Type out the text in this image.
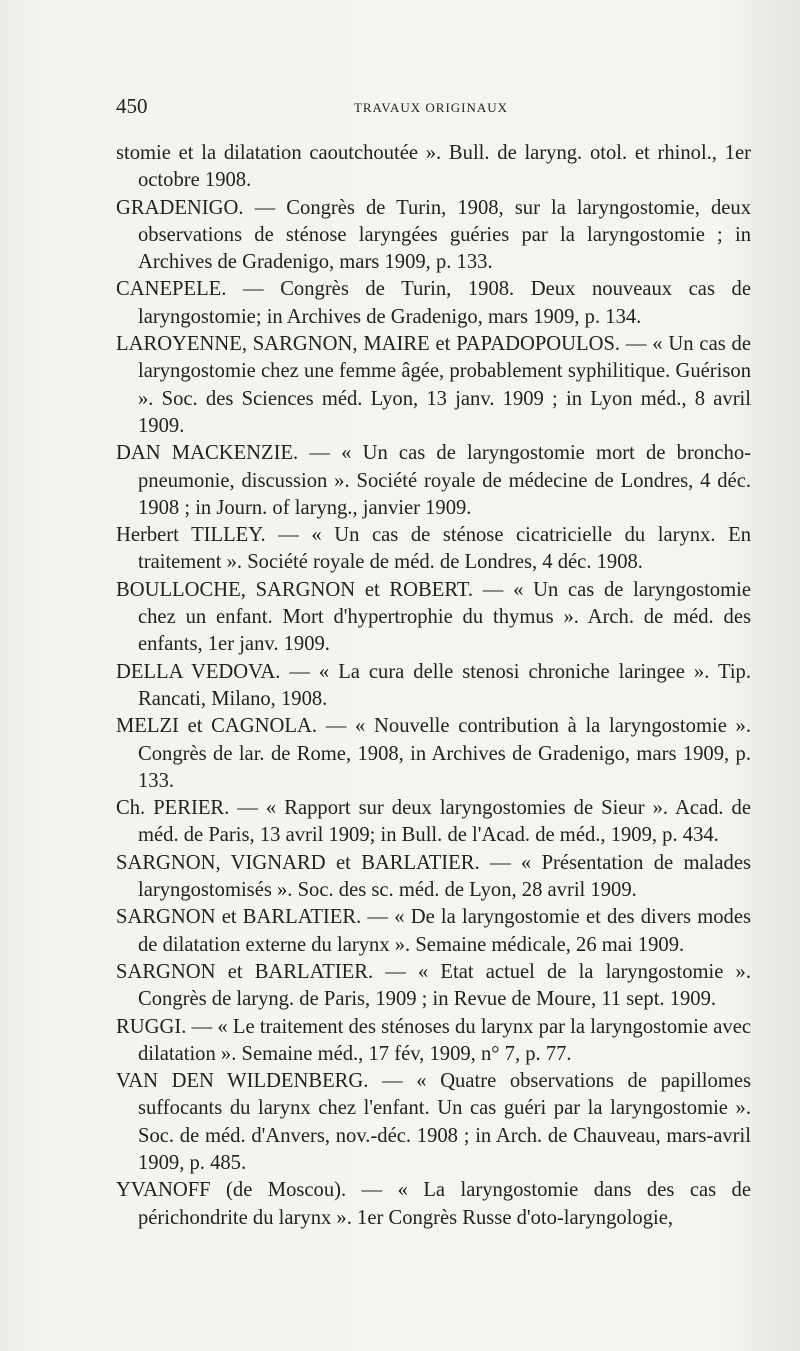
450	TRAVAUX ORIGINAUX

stomie et la dilatation caoutchoutée ». Bull. de laryng. otol. et rhinol., 1er octobre 1908.

GRADENIGO. — Congrès de Turin, 1908, sur la laryngostomie, deux observations de sténose laryngées guéries par la laryngostomie ; in Archives de Gradenigo, mars 1909, p. 133.

CANEPELE. — Congrès de Turin, 1908. Deux nouveaux cas de laryngostomie; in Archives de Gradenigo, mars 1909, p. 134.

LAROYENNE, SARGNON, MAIRE et PAPADOPOULOS. — « Un cas de laryngostomie chez une femme âgée, probablement syphilitique. Guérison ». Soc. des Sciences méd. Lyon, 13 janv. 1909 ; in Lyon méd., 8 avril 1909.

DAN MACKENZIE. — « Un cas de laryngostomie mort de broncho-pneumonie, discussion ». Société royale de médecine de Londres, 4 déc. 1908 ; in Journ. of laryng., janvier 1909.

Herbert TILLEY. — « Un cas de sténose cicatricielle du larynx. En traitement ». Société royale de méd. de Londres, 4 déc. 1908.

BOULLOCHE, SARGNON et ROBERT. — « Un cas de laryngostomie chez un enfant. Mort d'hypertrophie du thymus ». Arch. de méd. des enfants, 1er janv. 1909.

DELLA VEDOVA. — « La cura delle stenosi chroniche laringee ». Tip. Rancati, Milano, 1908.

MELZI et CAGNOLA. — « Nouvelle contribution à la laryngostomie ». Congrès de lar. de Rome, 1908, in Archives de Gradenigo, mars 1909, p. 133.

Ch. PERIER. — « Rapport sur deux laryngostomies de Sieur ». Acad. de méd. de Paris, 13 avril 1909; in Bull. de l'Acad. de méd., 1909, p. 434.

SARGNON, VIGNARD et BARLATIER. — « Présentation de malades laryngostomisés ». Soc. des sc. méd. de Lyon, 28 avril 1909.

SARGNON et BARLATIER. — « De la laryngostomie et des divers modes de dilatation externe du larynx ». Semaine médicale, 26 mai 1909.

SARGNON et BARLATIER. — « Etat actuel de la laryngostomie ». Congrès de laryng. de Paris, 1909 ; in Revue de Moure, 11 sept. 1909.

RUGGI. — « Le traitement des sténoses du larynx par la laryngostomie avec dilatation ». Semaine méd., 17 fév, 1909, n° 7, p. 77.

VAN DEN WILDENBERG. — « Quatre observations de papillomes suffocants du larynx chez l'enfant. Un cas guéri par la laryngostomie ». Soc. de méd. d'Anvers, nov.-déc. 1908 ; in Arch. de Chauveau, mars-avril 1909, p. 485.

YVANOFF (de Moscou). — « La laryngostomie dans des cas de périchondrite du larynx ». 1er Congrès Russe d'oto-laryngologie,
